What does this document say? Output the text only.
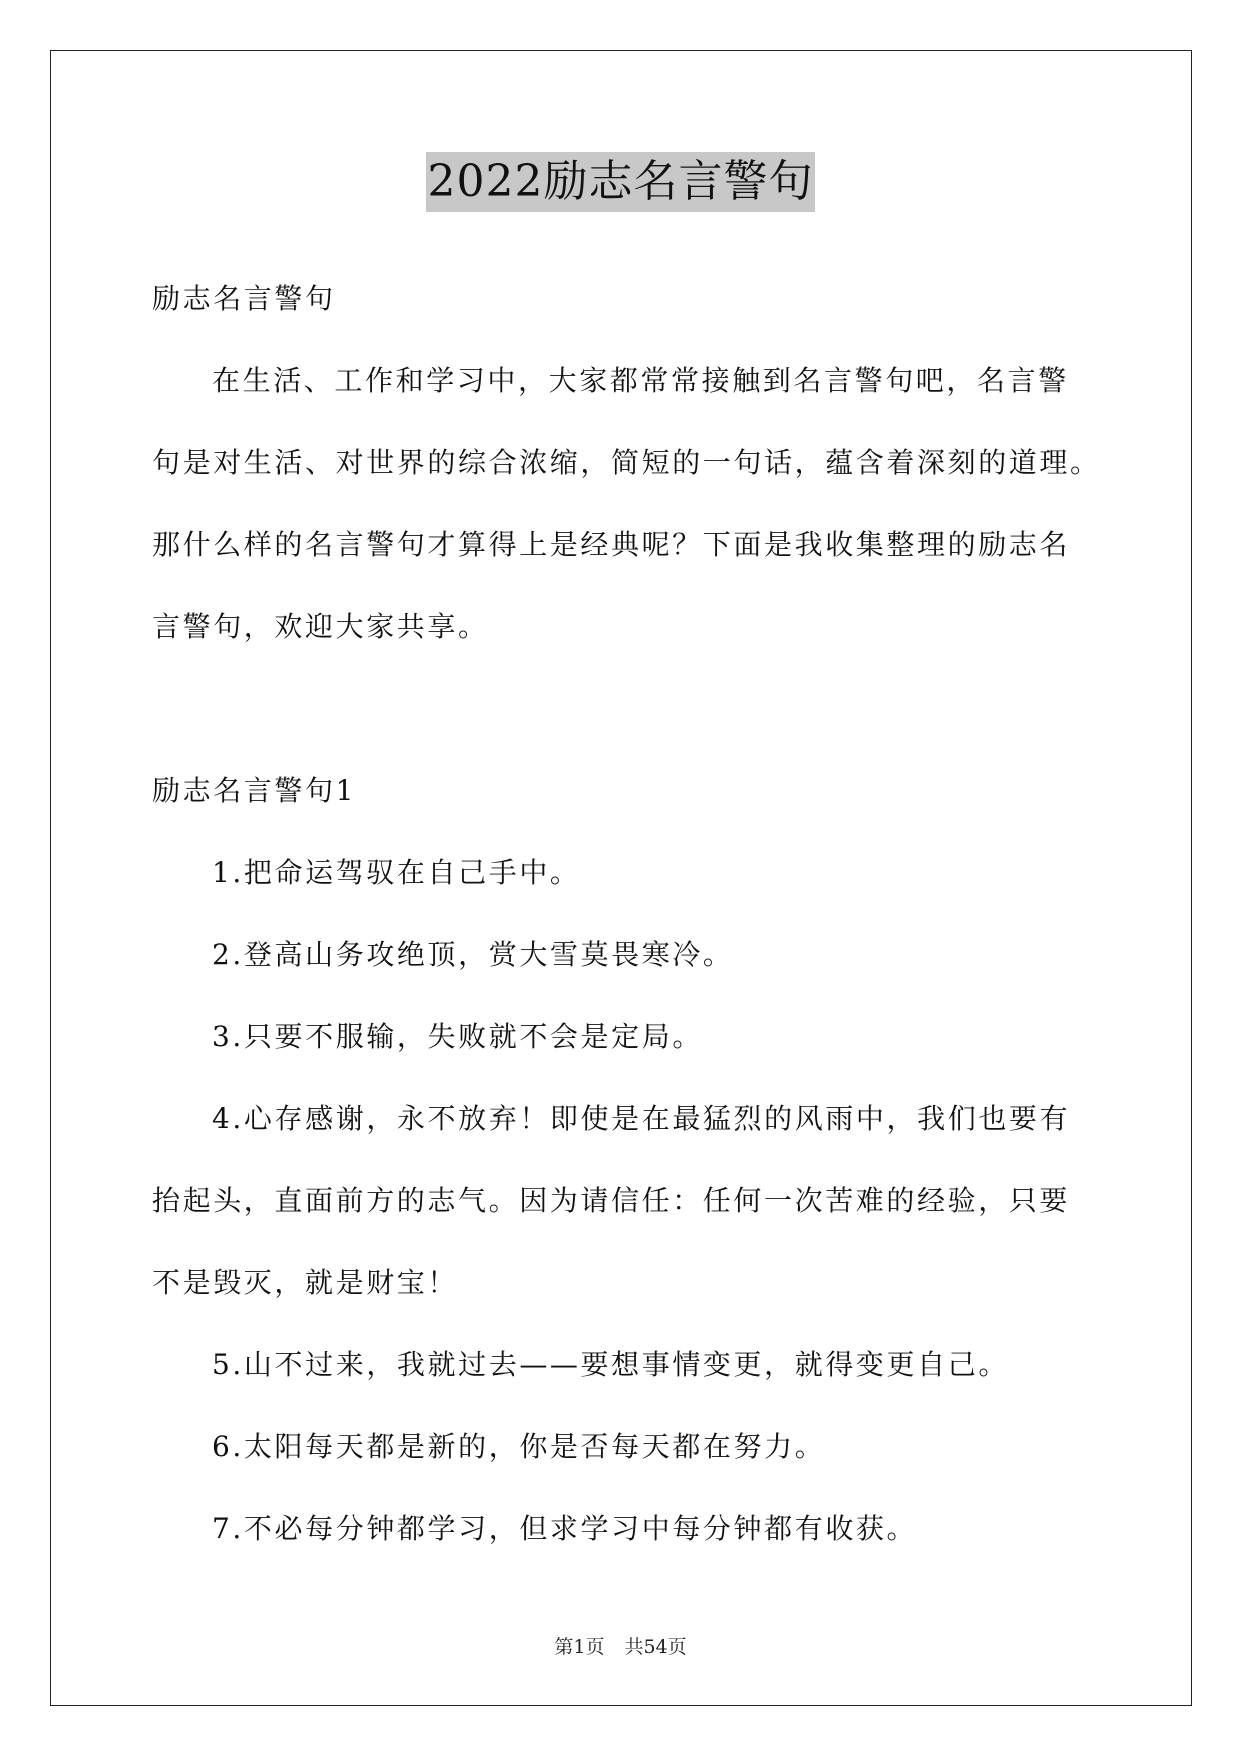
2022励志名言警句
励志名言警句
在生活、工作和学习中，大家都常常接触到名言警句吧，名言警
句是对生活、对世界的综合浓缩，简短的一句话，蕴含着深刻的道理。
那什么样的名言警句才算得上是经典呢？下面是我收集整理的励志名
言警句，欢迎大家共享。
励志名言警句1
1.把命运驾驭在自己手中。
2.登高山务攻绝顶，赏大雪莫畏寒冷。
3.只要不服输，失败就不会是定局。
4.心存感谢，永不放弃！即使是在最猛烈的风雨中，我们也要有
抬起头，直面前方的志气。因为请信任：任何一次苦难的经验，只要
不是毁灭，就是财宝！
5.山不过来，我就过去——要想事情变更，就得变更自己。
6.太阳每天都是新的，你是否每天都在努力。
7.不必每分钟都学习，但求学习中每分钟都有收获。
第1页 共54页
